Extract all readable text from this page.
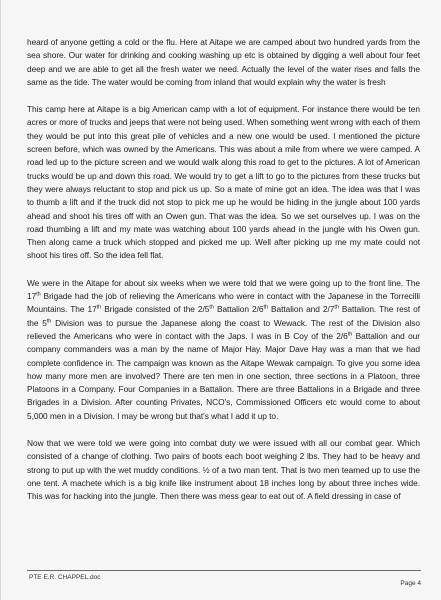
heard of anyone getting a cold or the flu. Here at Aitape we are camped about two hundred yards from the sea shore. Our water for drinking and cooking washing up etc is obtained by digging a well about four feet deep and we are able to get all the fresh water we need. Actually the level of the water rises and falls the same as the tide. The water would be coming from inland that would explain why the water is fresh

This camp here at Aitape is a big American camp with a lot of equipment. For instance there would be ten acres or more of trucks and jeeps that were not being used. When something went wrong with each of them they would be put into this great pile of vehicles and a new one would be used. I mentioned the picture screen before, which was owned by the Americans. This was about a mile from where we were camped. A road led up to the picture screen and we would walk along this road to get to the pictures. A lot of American trucks would be up and down this road. We would try to get a lift to go to the pictures from these trucks but they were always reluctant to stop and pick us up. So a mate of mine got an idea. The idea was that I was to thumb a lift and if the truck did not stop to pick me up he would be hiding in the jungle about 100 yards ahead and shoot his tires off with an Owen gun. That was the idea. So we set ourselves up. I was on the road thumbing a lift and my mate was watching about 100 yards ahead in the jungle with his Owen gun. Then along came a truck which stopped and picked me up. Well after picking up me my mate could not shoot his tires off. So the idea fell flat.

We were in the Aitape for about six weeks when we were told that we were going up to the front line. The 17th Brigade had the job of relieving the Americans who were in contact with the Japanese in the Torrecilli Mountains. The 17th Brigade consisted of the 2/5th Battalion 2/6th Battalion and 2/7th Battalion. The rest of the 5th Division was to pursue the Japanese along the coast to Wewack. The rest of the Division also relieved the Americans who were in contact with the Japs. I was in B Coy of the 2/6th Battalion and our company commanders was a man by the name of Major Hay. Major Dave Hay was a man that we had complete confidence in. The campaign was known as the Aitape Wewak campaign. To give you some idea how many more men are involved? There are ten men in one section, three sections in a Platoon, three Platoons in a Company. Four Companies in a Battalion. There are three Battalions in a Brigade and three Brigades in a Division. After counting Privates, NCO's, Commissioned Officers etc would come to about 5,000 men in a Division. I may be wrong but that's what I add it up to.

Now that we were told we were going into combat duty we were issued with all our combat gear. Which consisted of a change of clothing. Two pairs of boots each boot weighing 2 lbs. They had to be heavy and strong to put up with the wet muddy conditions. ½ of a two man tent. That is two men teamed up to use the one tent. A machete which is a big knife like instrument about 18 inches long by about three inches wide. This was for hacking into the jungle. Then there was mess gear to eat out of. A field dressing in case of

PTE E.R. CHAPPEL.doc
Page 4
